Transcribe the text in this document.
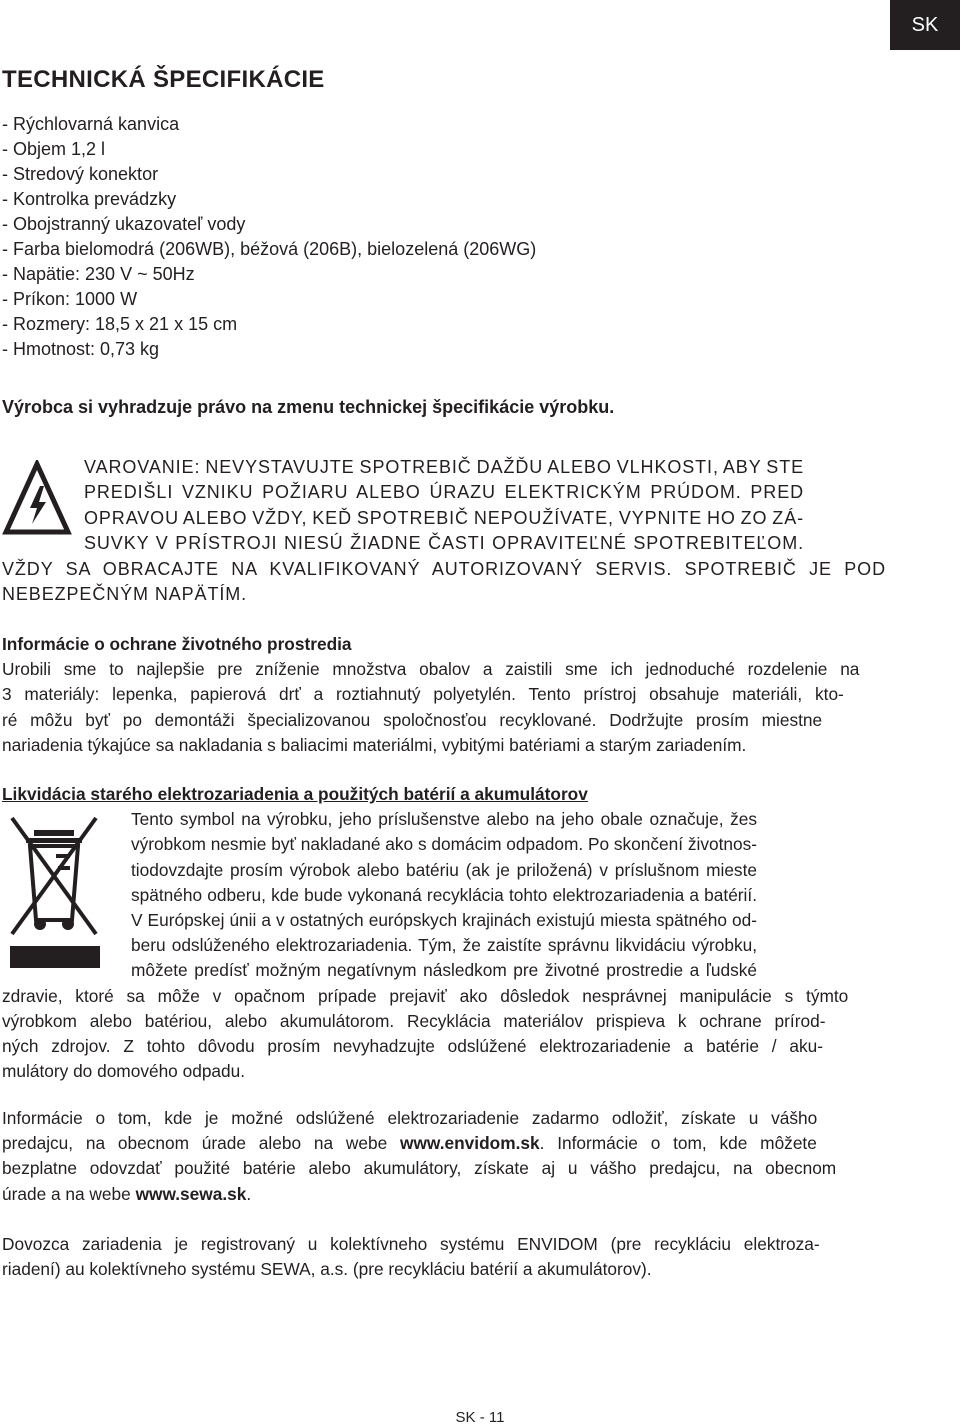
SK
TECHNICKÁ ŠPECIFIKÁCIE
- Rýchlovarná kanvica
- Objem 1,2 l
- Stredový konektor
- Kontrolka prevádzky
- Obojstranný ukazovateľ vody
- Farba bielomodrá (206WB), béžová (206B), bielozelená (206WG)
- Napätie: 230 V ~ 50Hz
- Príkon: 1000 W
- Rozmery: 18,5 x 21 x 15 cm
- Hmotnost: 0,73 kg
Výrobca si vyhradzuje právo na zmenu technickej špecifikácie výrobku.
VAROVANIE: NEVYSTAVUJTE SPOTREBIČ DAŽĎU ALEBO VLHKOSTI, ABY STE
PREDIŠLI VZNIKU POŽIARU ALEBO ÚRAZU ELEKTRICKÝM PRÚDOM. PRED
OPRAVOU ALEBO VŽDY, KEĎ SPOTREBIČ NEPOUŽÍVATE, VYPNITE HO ZO ZÁ-
SUVKY V PRÍSTROJI NIESÚ ŽIADNE ČASTI OPRAVITEĽNÉ SPOTREBITEĽOM.
VŽDY SA OBRACAJTE NA KVALIFIKOVANÝ AUTORIZOVANÝ SERVIS. SPOTREBIČ JE POD
NEBEZPEČNÝM NAPÄTÍM.
Informácie o ochrane životného prostredia
Urobili sme to najlepšie pre zníženie množstva obalov a zaistili sme ich jednoduché rozdelenie na
3 materiály: lepenka, papierová drť a roztiahnutý polyetylén. Tento prístroj obsahuje materiáli, kto-
ré môžu byť po demontáži špecializovanou spoločnosťou recyklované. Dodržujte prosím miestne
nariadenia týkajúce sa nakladania s baliacimi materiálmi, vybitými batériami a starým zariadením.
Likvidácia starého elektrozariadenia a použitých batérií a akumulátorov
Tento symbol na výrobku, jeho príslušenstve alebo na jeho obale označuje, žes
výrobkom nesmie byť nakladané ako s domácim odpadom. Po skončení životnos-
tiodovzdajte prosím výrobok alebo batériu (ak je priložená) v príslušnom mieste
spätného odberu, kde bude vykonaná recyklácia tohto elektrozariadenia a batérií.
V Európskej únii a v ostatných európskych krajinách existujú miesta spätného od-
beru odslúženého elektrozariadenia. Tým, že zaistíte správnu likvidáciu výrobku,
môžete predísť možným negatívnym následkom pre životné prostredie a ľudské
zdravie, ktoré sa môže v opačnom prípade prejaviť ako dôsledok nesprávnej manipulácie s týmto
výrobkom alebo batériou, alebo akumulátorom. Recyklácia materiálov prispieva k ochrane prírod-
ných zdrojov. Z tohto dôvodu prosím nevyhadzujte odslúžené elektrozariadenie a batérie / aku-
mulátory do domového odpadu.
Informácie o tom, kde je možné odslúžené elektrozariadenie zadarmo odložiť, získate u vášho
predajcu, na obecnom úrade alebo na webe www.envidom.sk. Informácie o tom, kde môžete
bezplatne odovzdať použité batérie alebo akumulátory, získate aj u vášho predajcu, na obecnom
úrade a na webe www.sewa.sk.
Dovozca zariadenia je registrovaný u kolektívneho systému ENVIDOM (pre recykláciu elektroza-
riadení) au kolektívneho systému SEWA, a.s. (pre recykláciu batérií a akumulátorov).
SK - 11
